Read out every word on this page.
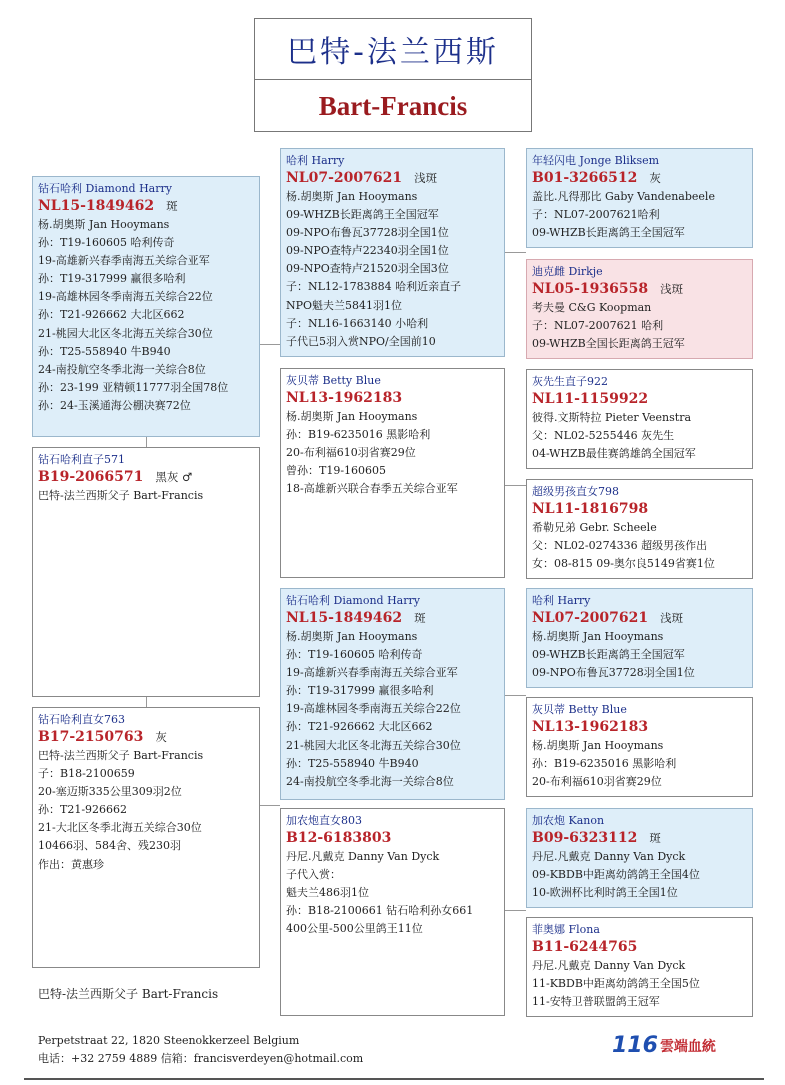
巴特-法兰西斯
Bart-Francis
钻石哈利 Diamond Harry
NL15-1849462 斑
杨.胡奥斯 Jan Hooymans
孙：T19-160605 哈利传奇
19-高雄新兴春季南海五关综合亚军
孙：T19-317999 赢很多哈利
19-高雄林园冬季南海五关综合22位
孙：T21-926662 大北区662
21-桃园大北区冬北海五关综合30位
孙：T25-558940 牛B940
24-南投航空冬季北海一关综合8位
孙：23-199 亚精顿11777羽全国78位
孙：24-玉溪通海公棚决赛72位
钻石哈利直子571
B19-2066571 黑灰 ♂
巴特-法兰西斯父子 Bart-Francis
钻石哈利直女763
B17-2150763 灰
巴特-法兰西斯父子 Bart-Francis
子：B18-2100659
20-塞迈斯335公里309羽2位
孙：T21-926662
21-大北区冬季北海五关综合30位
10466羽、584舍、残230羽
作出：黄惠珍
哈利 Harry
NL07-2007621 浅斑
杨.胡奥斯 Jan Hooymans
09-WHZB长距离鸽王全国冠军
09-NPO布鲁瓦37728羽全国1位
09-NPO查特卢22340羽全国1位
09-NPO查特卢21520羽全国3位
子：NL12-1783884 哈利近亲直子
NPO魁夫兰5841羽1位
子：NL16-1663140 小哈利
子代已5羽入赏NPO/全国前10
灰贝蒂 Betty Blue
NL13-1962183
杨.胡奥斯 Jan Hooymans
孙：B19-6235016 黑影哈利
20-布利福610羽省赛29位
曾孙：T19-160605
18-高雄新兴联合春季五关综合亚军
钻石哈利 Diamond Harry
NL15-1849462 斑
杨.胡奥斯 Jan Hooymans
孙：T19-160605 哈利传奇
19-高雄新兴春季南海五关综合亚军
孙：T19-317999 赢很多哈利
19-高雄林园冬季南海五关综合22位
孙：T21-926662 大北区662
21-桃园大北区冬北海五关综合30位
孙：T25-558940 牛B940
24-南投航空冬季北海一关综合8位
加农炮直女803
B12-6183803
丹尼.凡戴克 Danny Van Dyck
子代入赏：
魁夫兰486羽1位
孙：B18-2100661 钻石哈利孙女661
400公里-500公里鸽王11位
年轻闪电 Jonge Bliksem
B01-3266512 灰
盖比.凡得那比 Gaby Vandenabeele
子：NL07-2007621哈利
09-WHZB长距离鸽王全国冠军
迪克雌 Dirkje
NL05-1936558 浅斑
考夫曼 C&G Koopman
子：NL07-2007621 哈利
09-WHZB全国长距离鸽王冠军
灰先生直子922
NL11-1159922
彼得.文斯特拉 Pieter Veenstra
父：NL02-5255446 灰先生
04-WHZB最佳赛鸽雄鸽全国冠军
超级男孩直女798
NL11-1816798
希勒兄弟 Gebr. Scheele
父：NL02-0274336 超级男孩作出
女：08-815 09-奥尔良5149省赛1位
哈利 Harry
NL07-2007621 浅斑
杨.胡奥斯 Jan Hooymans
09-WHZB长距离鸽王全国冠军
09-NPO布鲁瓦37728羽全国1位
灰贝蒂 Betty Blue
NL13-1962183
杨.胡奥斯 Jan Hooymans
孙：B19-6235016 黑影哈利
20-布利福610羽省赛29位
加农炮 Kanon
B09-6323112 斑
丹尼.凡戴克 Danny Van Dyck
09-KBDB中距离幼鸽鸽王全国4位
10-欧洲杯比利时鸽王全国1位
菲奥娜 Flona
B11-6244765
丹尼.凡戴克 Danny Van Dyck
11-KBDB中距离幼鸽鸽王全国5位
11-安特卫普联盟鸽王冠军
巴特-法兰西斯父子 Bart-Francis
Perpetstraat 22, 1820 Steenokkerzeel Belgium
电话：+32 2759 4889 信箱：francisverdeyen@hotmail.com
116 雲端血統
